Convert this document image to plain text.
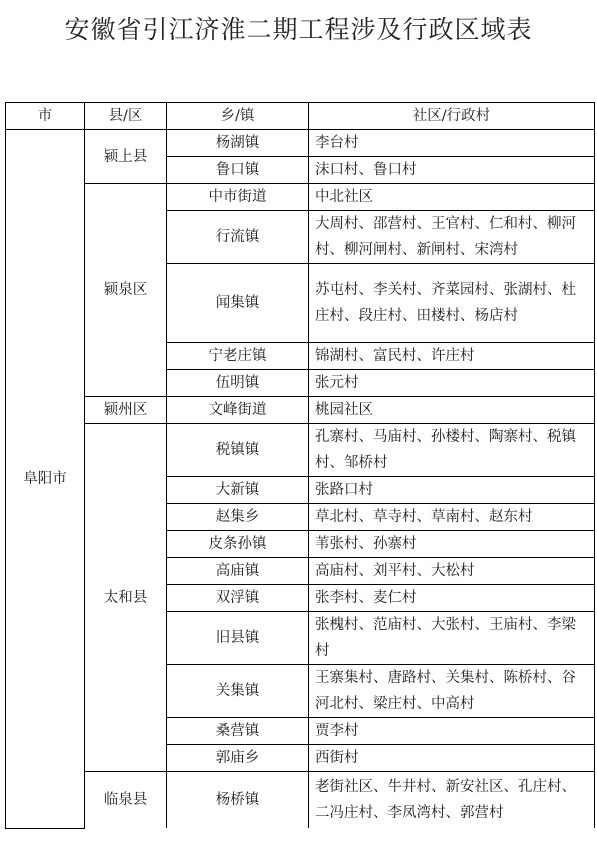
安徽省引江济淮二期工程涉及行政区域表
市	县/区	乡/镇	社区/行政村
阜阳市	颍上县	杨湖镇	李台村
		鲁口镇	沫口村、鲁口村
	颍泉区	中市街道	中北社区
		行流镇	大周村、邵营村、王官村、仁和村、柳河村、柳河闸村、新闸村、宋湾村
		闻集镇	苏屯村、李关村、齐菜园村、张湖村、杜庄村、段庄村、田楼村、杨店村
		宁老庄镇	锦湖村、富民村、许庄村
		伍明镇	张元村
	颍州区	文峰街道	桃园社区
	太和县	税镇镇	孔寨村、马庙村、孙楼村、陶寨村、税镇村、邹桥村
		大新镇	张路口村
		赵集乡	草北村、草寺村、草南村、赵东村
		皮条孙镇	苇张村、孙寨村
		高庙镇	高庙村、刘平村、大松村
		双浮镇	张李村、麦仁村
		旧县镇	张槐村、范庙村、大张村、王庙村、李梁村
		关集镇	王寨集村、唐路村、关集村、陈桥村、谷河北村、梁庄村、中高村
		桑营镇	贾李村
		郭庙乡	西街村
	临泉县	杨桥镇	老街社区、牛井村、新安社区、孔庄村、二冯庄村、李凤湾村、郭营村
